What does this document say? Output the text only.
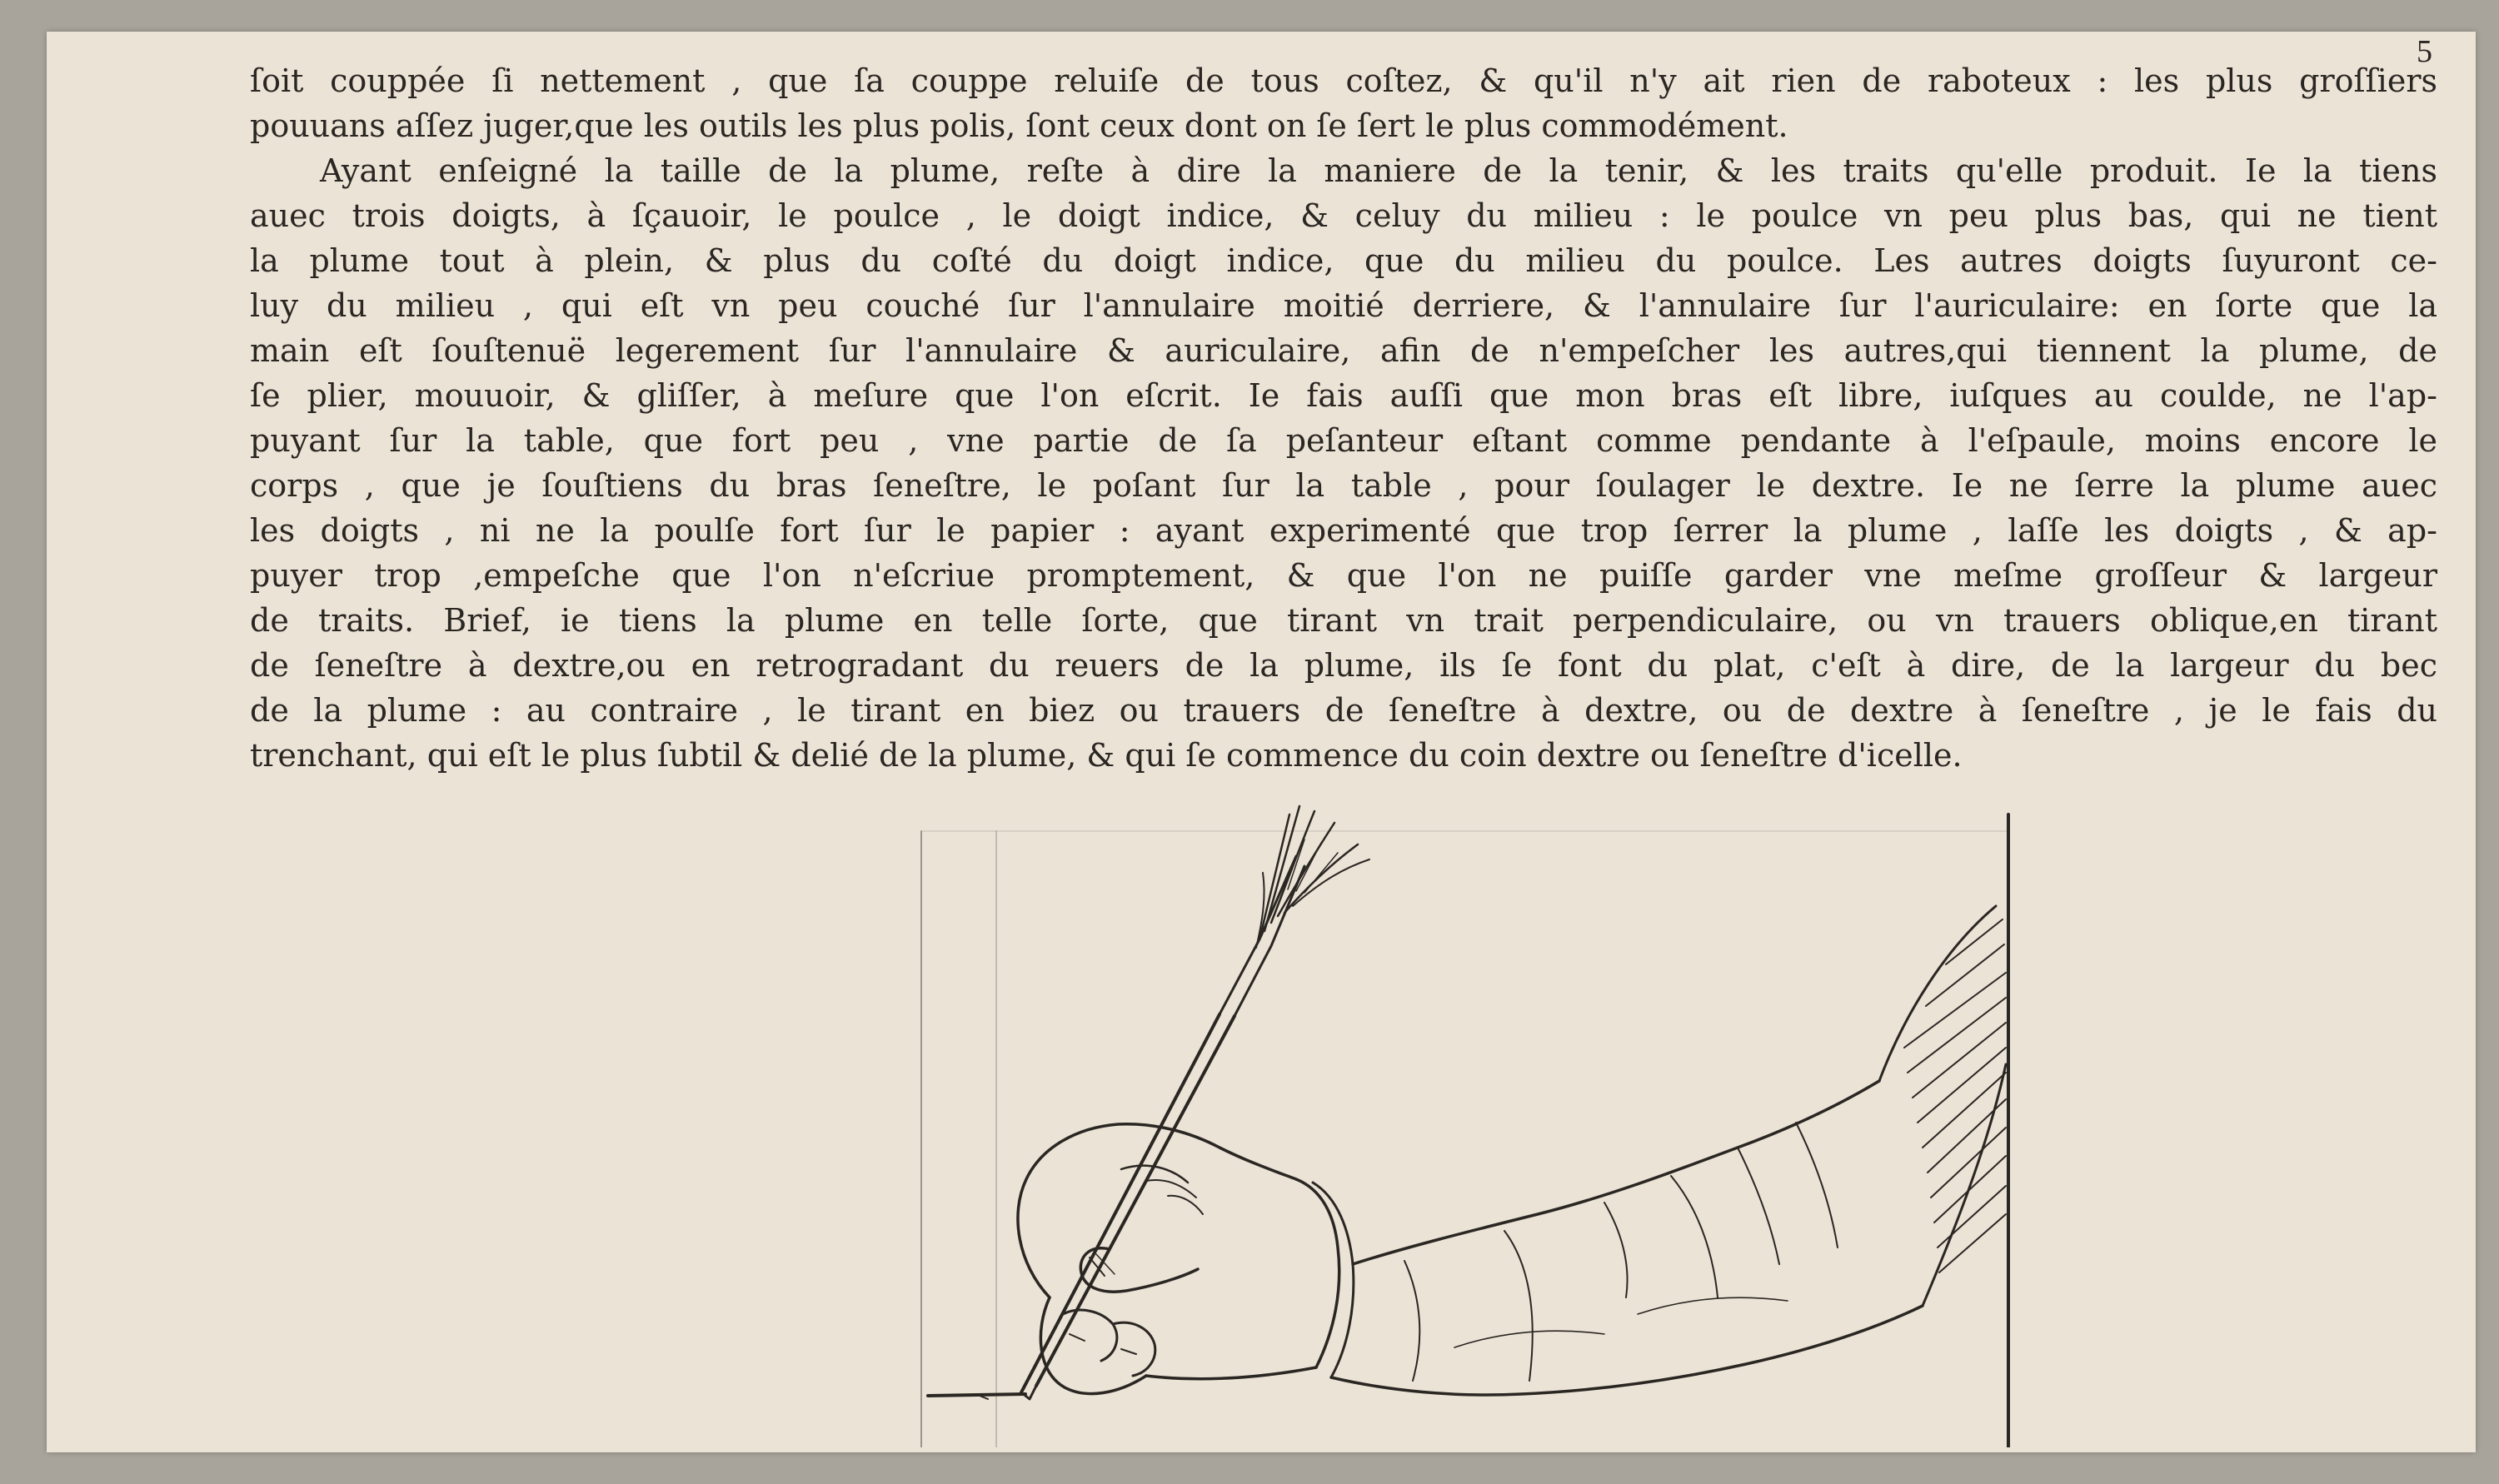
5
ſoit couppée ſi nettement , que ſa couppe reluiſe de tous coſtez, & qu'il n'y ait rien de raboteux : les plus groſſiers
pouuans aſſez juger,que les outils les plus polis, ſont ceux dont on ſe ſert le plus commodément.
Ayant enſeigné la taille de la plume, reſte à dire la maniere de la tenir, & les traits qu'elle produit. Ie la tiens
auec trois doigts, à ſçauoir, le poulce , le doigt indice, & celuy du milieu : le poulce vn peu plus bas, qui ne tient
la plume tout à plein, & plus du coſté du doigt indice, que du milieu du poulce. Les autres doigts ſuyuront ce-
luy du milieu , qui eſt vn peu couché ſur l'annulaire moitié derriere, & l'annulaire ſur l'auriculaire: en ſorte que la
main eſt ſouſtenuë legerement ſur l'annulaire & auriculaire, afin de n'empeſcher les autres,qui tiennent la plume, de
ſe plier, mouuoir, & gliſſer, à meſure que l'on eſcrit. Ie fais auſſi que mon bras eſt libre, iuſques au coulde, ne l'ap-
puyant ſur la table, que fort peu , vne partie de ſa peſanteur eſtant comme pendante à l'eſpaule, moins encore le
corps , que je ſouſtiens du bras ſeneſtre, le poſant ſur la table , pour ſoulager le dextre. Ie ne ſerre la plume auec
les doigts , ni ne la poulſe fort ſur le papier : ayant experimenté que trop ſerrer la plume , laſſe les doigts , & ap-
puyer trop ,empeſche que l'on n'eſcriue promptement, & que l'on ne puiſſe garder vne meſme groſſeur & largeur
de traits. Brief, ie tiens la plume en telle ſorte, que tirant vn trait perpendiculaire, ou vn trauers oblique,en tirant
de ſeneſtre à dextre,ou en retrogradant du reuers de la plume, ils ſe font du plat, c'eſt à dire, de la largeur du bec
de la plume : au contraire , le tirant en biez ou trauers de ſeneſtre à dextre, ou de dextre à ſeneſtre , je le fais du
trenchant, qui eſt le plus ſubtil & delié de la plume, & qui ſe commence du coin dextre ou ſeneſtre d'icelle.
